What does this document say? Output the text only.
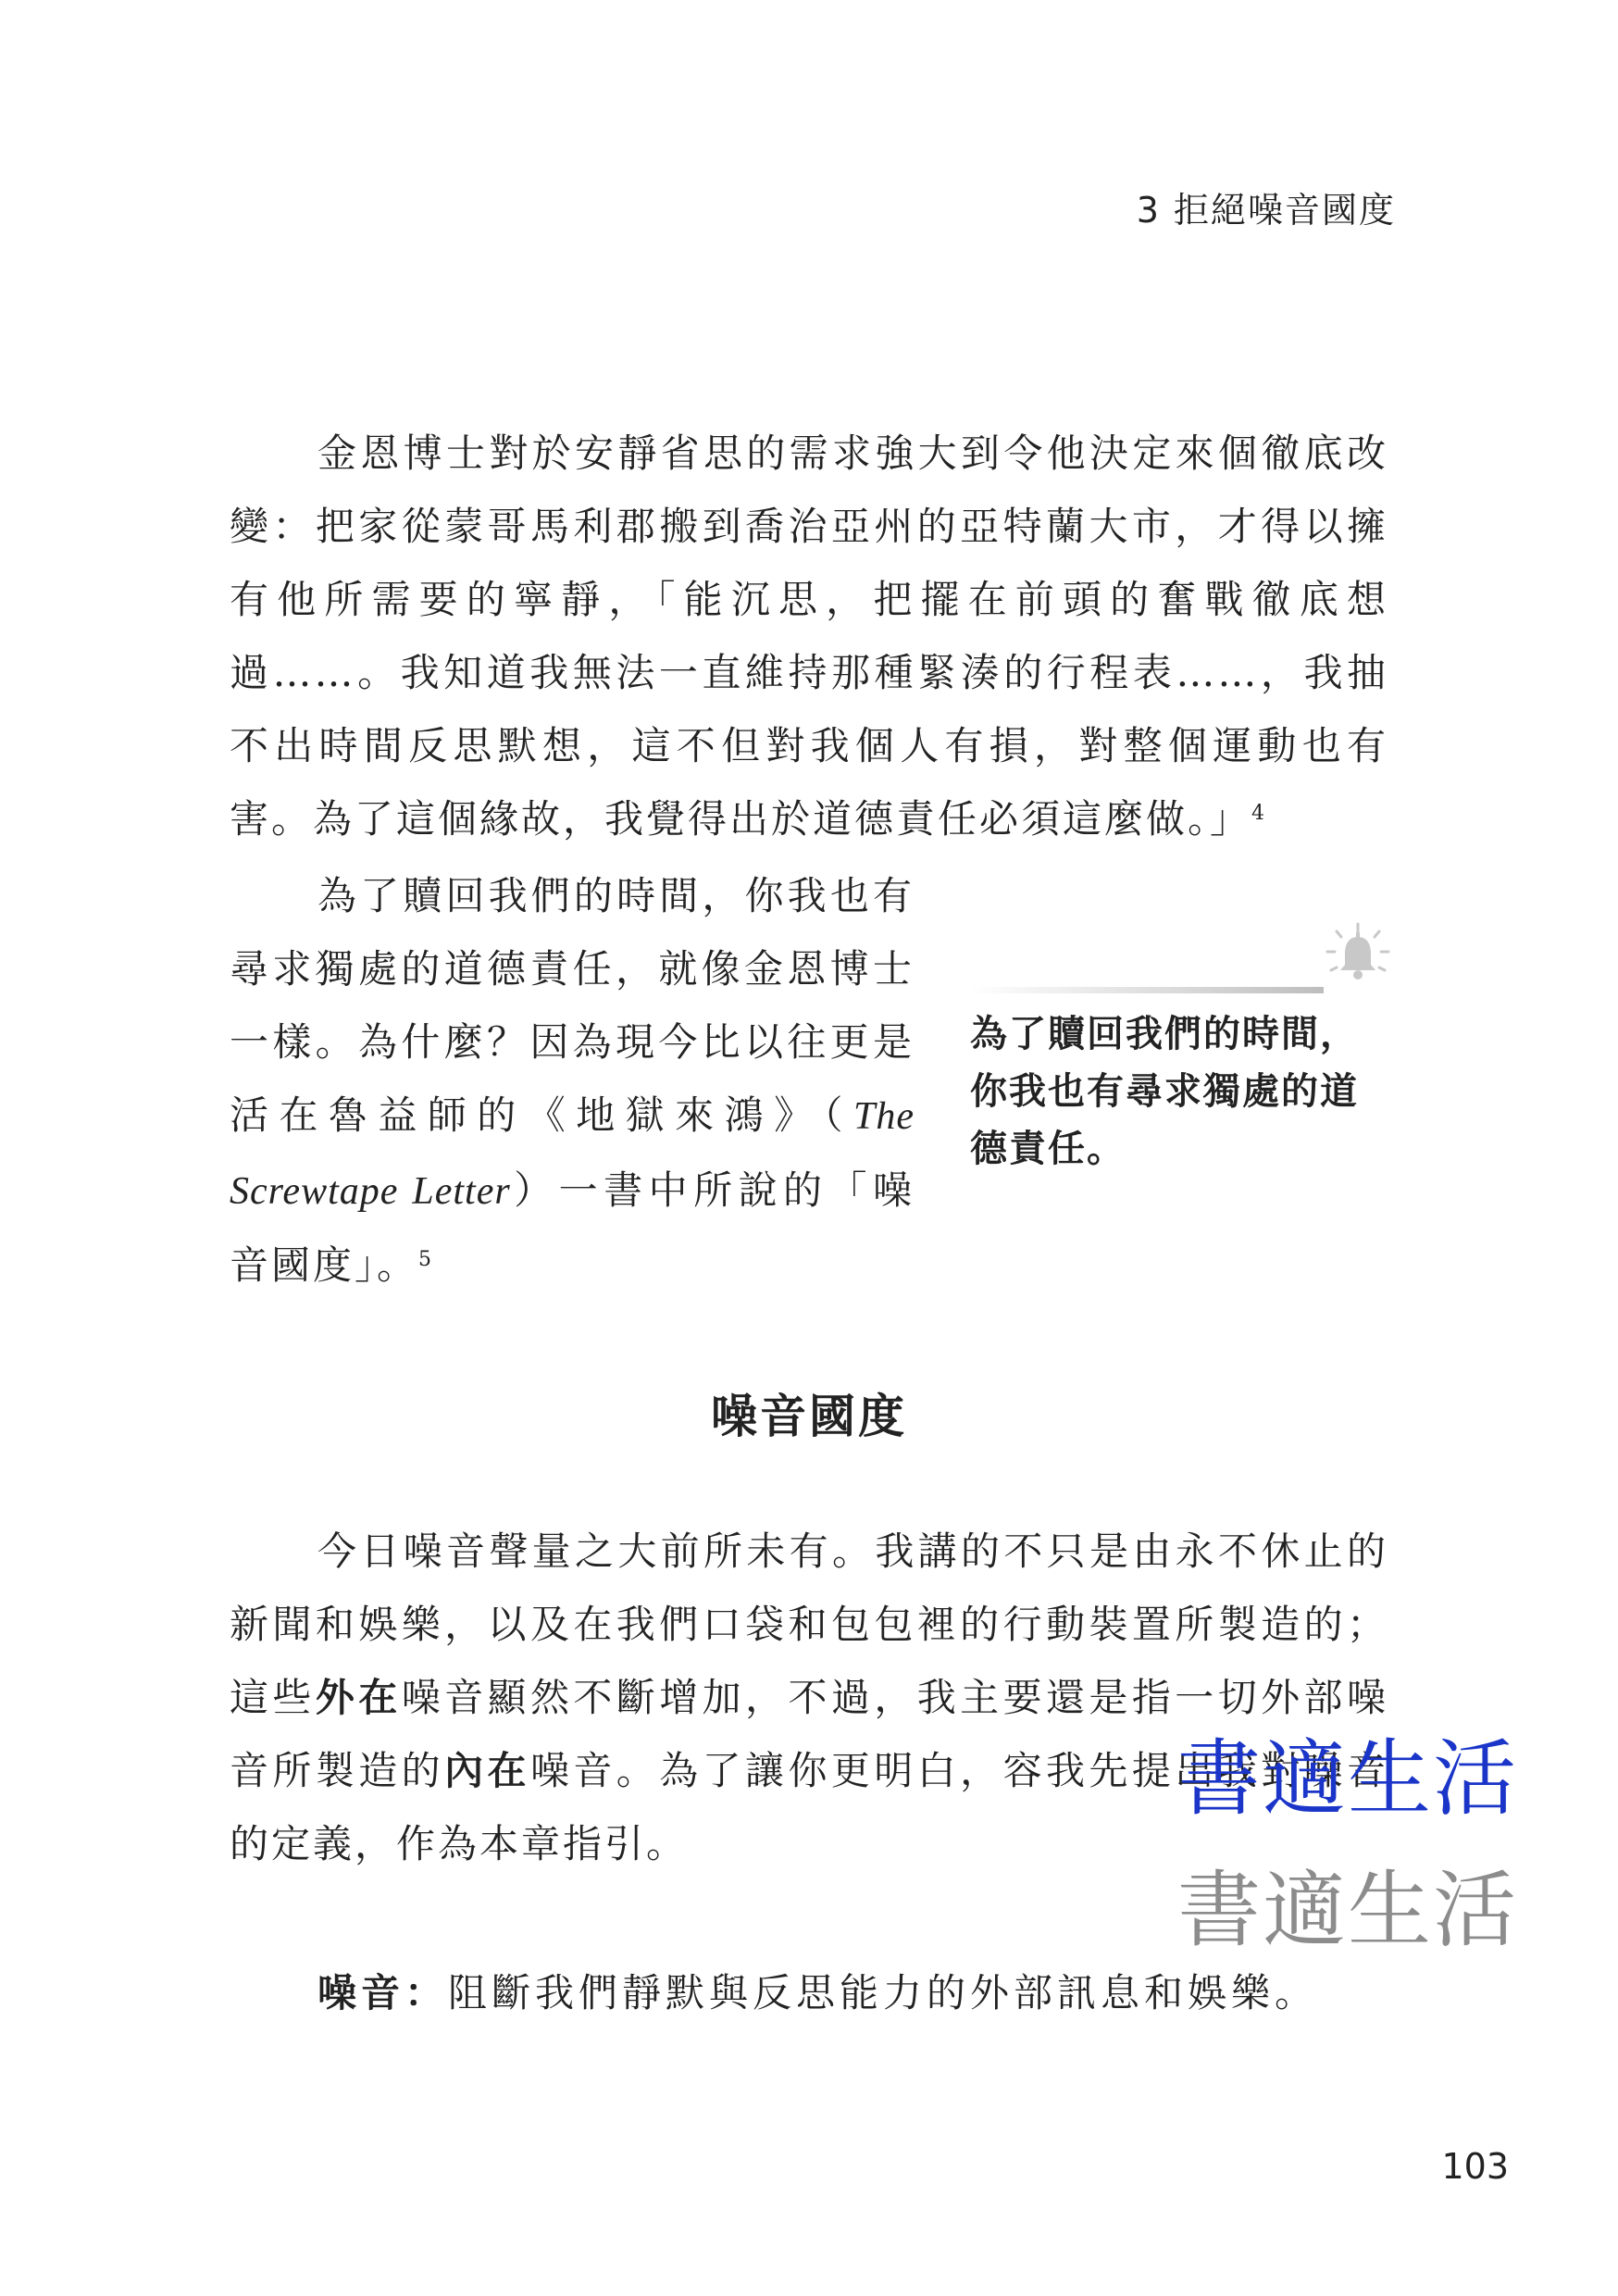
3 拒絕噪音國度

金恩博士對於安靜省思的需求強大到令他決定來個徹底改變：把家從蒙哥馬利郡搬到喬治亞州的亞特蘭大市，才得以擁有他所需要的寧靜，「能沉思，把擺在前頭的奮戰徹底想過……。我知道我無法一直維持那種緊湊的行程表……，我抽不出時間反思默想，這不但對我個人有損，對整個運動也有害。為了這個緣故，我覺得出於道德責任必須這麼做。」$^4$

為了贖回我們的時間，你我也有尋求獨處的道德責任，就像金恩博士一樣。為什麼？因為現今比以往更是活在魯益師的《地獄來鴻》（The Screwtape Letter）一書中所說的「噪音國度」。$^5$

為了贖回我們的時間，你我也有尋求獨處的道德責任。
噪音國度

今日噪音聲量之大前所未有。我講的不只是由永不休止的新聞和娛樂，以及在我們口袋和包包裡的行動裝置所製造的；這些外在噪音顯然不斷增加，不過，我主要還是指一切外部噪音所製造的內在噪音。為了讓你更明白，容我先提出我對噪音的定義，作為本章指引。

噪音：阻斷我們靜默與反思能力的外部訊息和娛樂。
書適生活
書適生活
103
